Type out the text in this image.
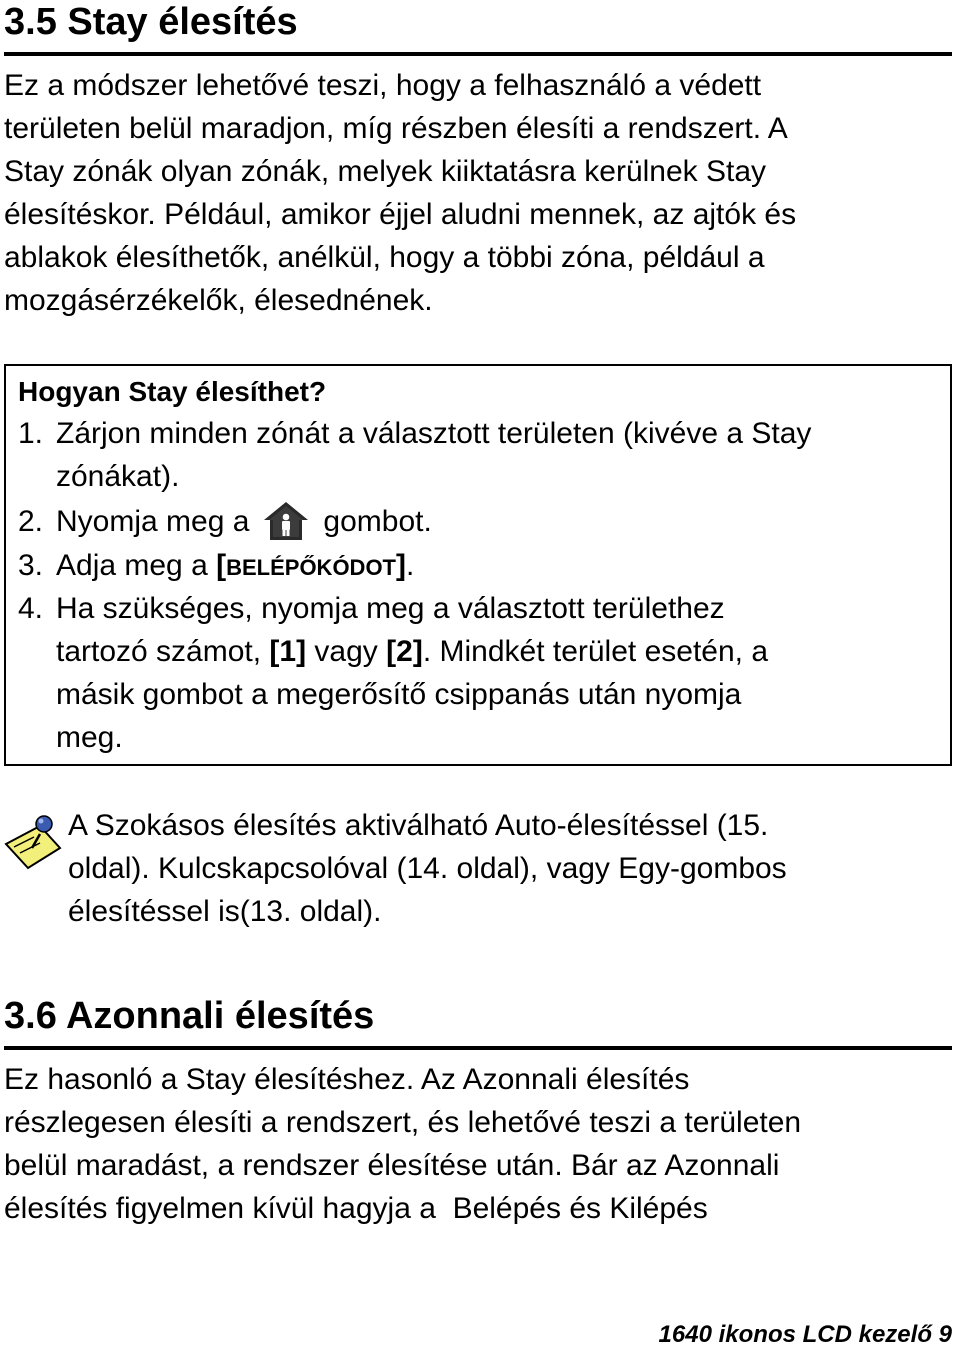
3.5 Stay élesítés

Ez a módszer lehetővé teszi, hogy a felhasználó a védett
területen belül maradjon, míg részben élesíti a rendszert. A
Stay zónák olyan zónák, melyek kiiktatásra kerülnek Stay
élesítéskor. Például, amikor éjjel aludni mennek, az ajtók és
ablakok élesíthetők, anélkül, hogy a többi zóna, például a
mozgásérzékelők, élesednének.

Hogyan Stay élesíthet?
1. Zárjon minden zónát a választott területen (kivéve a Stay
zónákat).
2. Nyomja meg a gombot.
3. Adja meg a [BELÉPŐKÓDOT].
4. Ha szükséges, nyomja meg a választott területhez
tartozó számot, [1] vagy [2]. Mindkét terület esetén, a
másik gombot a megerősítő csippanás után nyomja
meg.

A Szokásos élesítés aktiválható Auto-élesítéssel (15.
oldal). Kulcskapcsolóval (14. oldal), vagy Egy-gombos
élesítéssel is(13. oldal).

3.6 Azonnali élesítés

Ez hasonló a Stay élesítéshez. Az Azonnali élesítés
részlegesen élesíti a rendszert, és lehetővé teszi a területen
belül maradást, a rendszer élesítése után. Bár az Azonnali
élesítés figyelmen kívül hagyja a  Belépés és Kilépés

1640 ikonos LCD kezelő 9
